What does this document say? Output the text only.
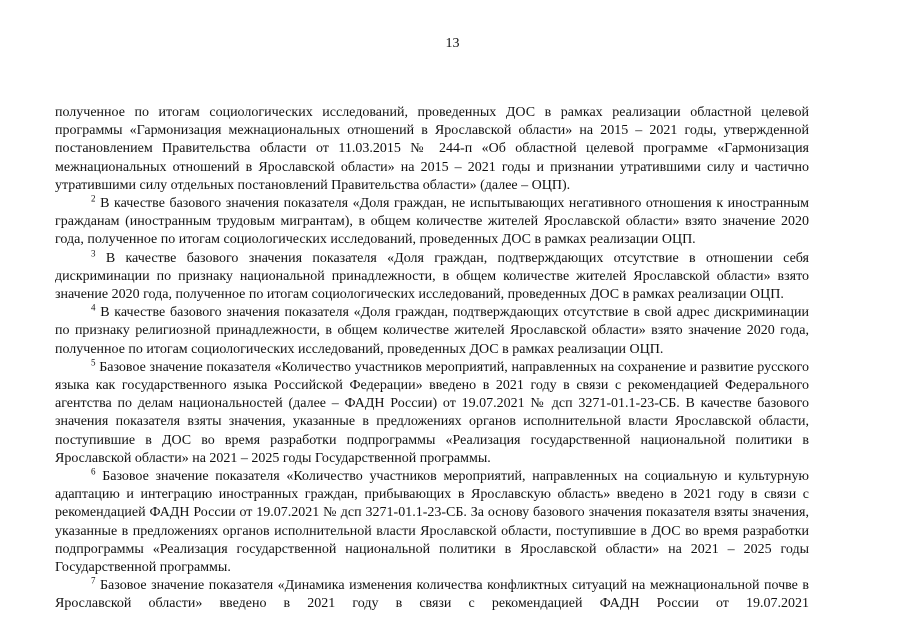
13

полученное по итогам социологических исследований, проведенных ДОС в рамках реализации областной целевой программы «Гармонизация межнациональных отношений в Ярославской области» на 2015 – 2021 годы, утвержденной постановлением Правительства области от 11.03.2015 № 244-п «Об областной целевой программе «Гармонизация межнациональных отношений в Ярославской области» на 2015 – 2021 годы и признании утратившими силу и частично утратившими силу отдельных постановлений Правительства области» (далее – ОЦП).

$^2$ В качестве базового значения показателя «Доля граждан, не испытывающих негативного отношения к иностранным гражданам (иностранным трудовым мигрантам), в общем количестве жителей Ярославской области» взято значение 2020 года, полученное по итогам социологических исследований, проведенных ДОС в рамках реализации ОЦП.

$^3$ В качестве базового значения показателя «Доля граждан, подтверждающих отсутствие в отношении себя дискриминации по признаку национальной принадлежности, в общем количестве жителей Ярославской области» взято значение 2020 года, полученное по итогам социологических исследований, проведенных ДОС в рамках реализации ОЦП.

$^4$ В качестве базового значения показателя «Доля граждан, подтверждающих отсутствие в свой адрес дискриминации по признаку религиозной принадлежности, в общем количестве жителей Ярославской области» взято значение 2020 года, полученное по итогам социологических исследований, проведенных ДОС в рамках реализации ОЦП.

$^5$ Базовое значение показателя «Количество участников мероприятий, направленных на сохранение и развитие русского языка как государственного языка Российской Федерации» введено в 2021 году в связи с рекомендацией Федерального агентства по делам национальностей (далее – ФАДН России) от 19.07.2021 № дсп 3271-01.1-23-СБ. В качестве базового значения показателя взяты значения, указанные в предложениях органов исполнительной власти Ярославской области, поступившие в ДОС во время разработки подпрограммы «Реализация государственной национальной политики в Ярославской области» на 2021 – 2025 годы Государственной программы.

$^6$ Базовое значение показателя «Количество участников мероприятий, направленных на социальную и культурную адаптацию и интеграцию иностранных граждан, прибывающих в Ярославскую область» введено в 2021 году в связи с рекомендацией ФАДН России от 19.07.2021 № дсп 3271-01.1-23-СБ. За основу базового значения показателя взяты значения, указанные в предложениях органов исполнительной власти Ярославской области, поступившие в ДОС во время разработки подпрограммы «Реализация государственной национальной политики в Ярославской области» на 2021 – 2025 годы Государственной программы.

$^7$ Базовое значение показателя «Динамика изменения количества конфликтных ситуаций на межнациональной почве в Ярославской области» введено в 2021 году в связи с рекомендацией ФАДН России от 19.07.2021
